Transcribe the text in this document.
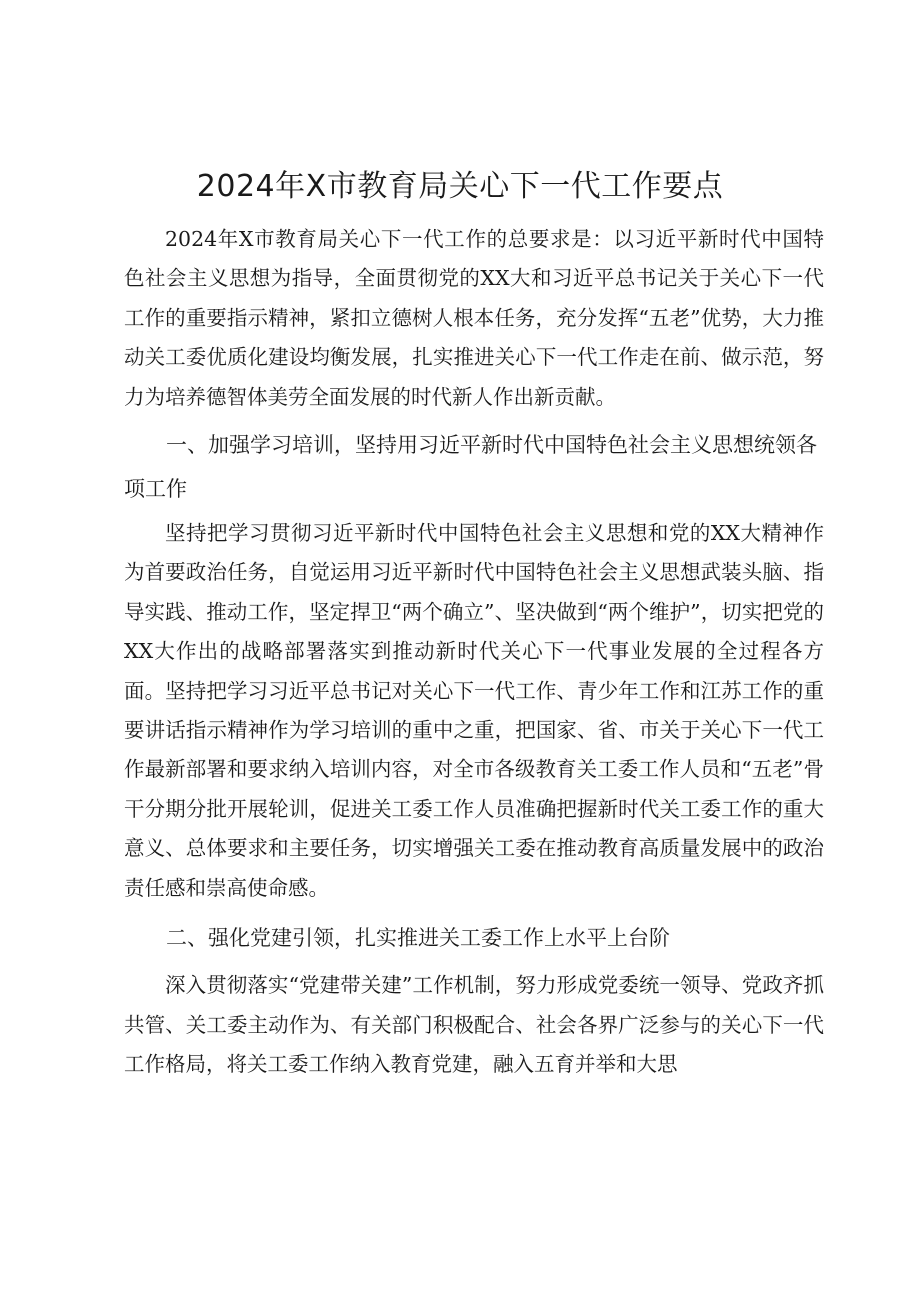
2024年X市教育局关心下一代工作要点

2024年X市教育局关心下一代工作的总要求是：以习近平新时代中国特色社会主义思想为指导，全面贯彻党的XX大和习近平总书记关于关心下一代工作的重要指示精神，紧扣立德树人根本任务，充分发挥“五老”优势，大力推动关工委优质化建设均衡发展，扎实推进关心下一代工作走在前、做示范，努力为培养德智体美劳全面发展的时代新人作出新贡献。

一、加强学习培训，坚持用习近平新时代中国特色社会主义思想统领各项工作

坚持把学习贯彻习近平新时代中国特色社会主义思想和党的XX大精神作为首要政治任务，自觉运用习近平新时代中国特色社会主义思想武装头脑、指导实践、推动工作，坚定捍卫“两个确立”、坚决做到“两个维护”，切实把党的XX大作出的战略部署落实到推动新时代关心下一代事业发展的全过程各方面。坚持把学习习近平总书记对关心下一代工作、青少年工作和江苏工作的重要讲话指示精神作为学习培训的重中之重，把国家、省、市关于关心下一代工作最新部署和要求纳入培训内容，对全市各级教育关工委工作人员和“五老”骨干分期分批开展轮训，促进关工委工作人员准确把握新时代关工委工作的重大意义、总体要求和主要任务，切实增强关工委在推动教育高质量发展中的政治责任感和崇高使命感。

二、强化党建引领，扎实推进关工委工作上水平上台阶

深入贯彻落实“党建带关建”工作机制，努力形成党委统一领导、党政齐抓共管、关工委主动作为、有关部门积极配合、社会各界广泛参与的关心下一代工作格局，将关工委工作纳入教育党建，融入五育并举和大思
